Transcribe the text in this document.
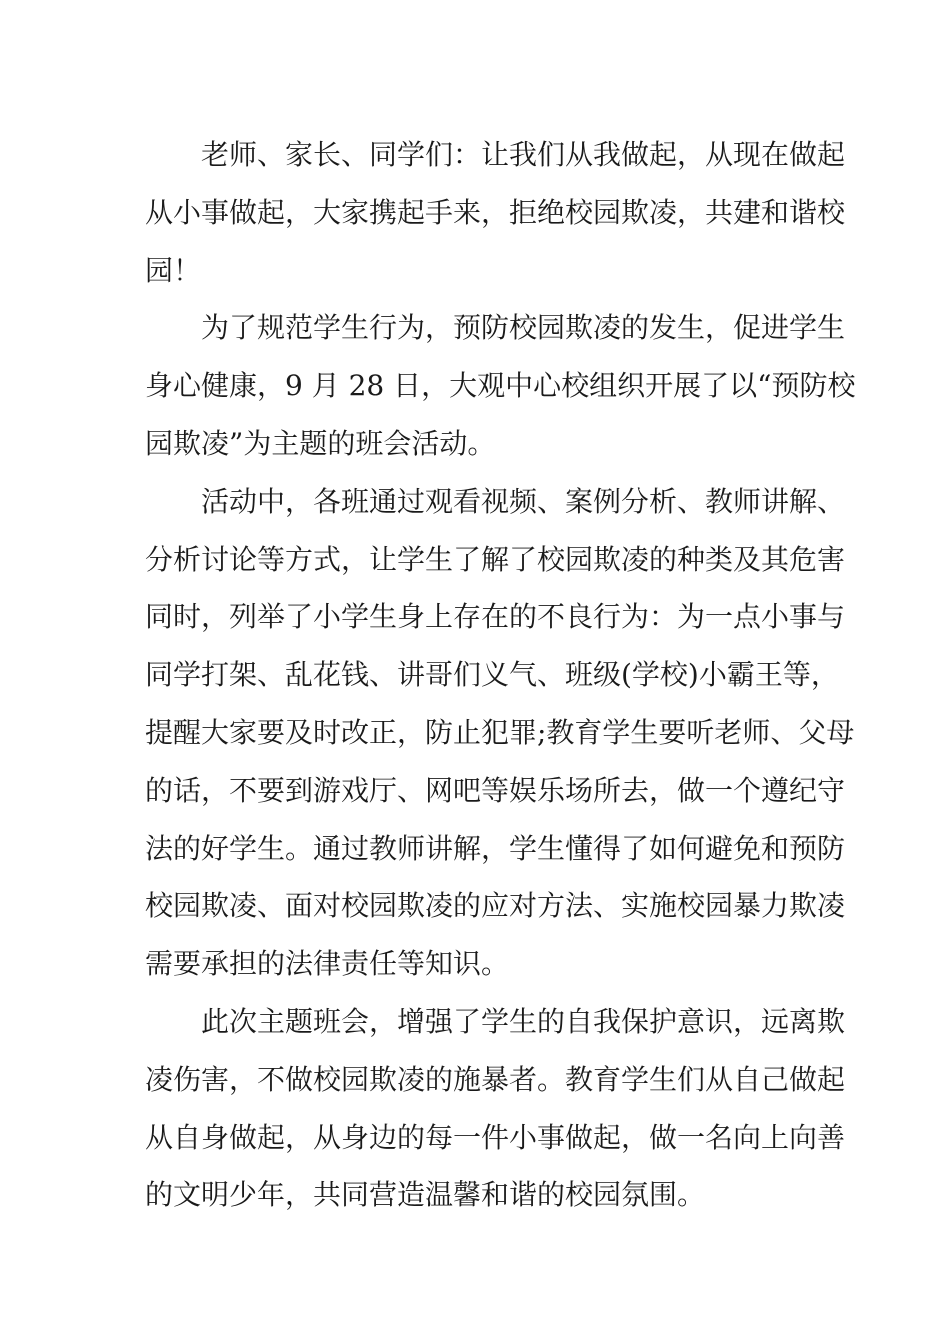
老师、家长、同学们：让我们从我做起，从现在做起
从小事做起，大家携起手来，拒绝校园欺凌，共建和谐校
园！
为了规范学生行为，预防校园欺凌的发生，促进学生
身心健康，9 月 28 日，大观中心校组织开展了以“预防校
园欺凌”为主题的班会活动。
活动中，各班通过观看视频、案例分析、教师讲解、
分析讨论等方式，让学生了解了校园欺凌的种类及其危害
同时，列举了小学生身上存在的不良行为：为一点小事与
同学打架、乱花钱、讲哥们义气、班级(学校)小霸王等，
提醒大家要及时改正，防止犯罪;教育学生要听老师、父母
的话，不要到游戏厅、网吧等娱乐场所去，做一个遵纪守
法的好学生。通过教师讲解，学生懂得了如何避免和预防
校园欺凌、面对校园欺凌的应对方法、实施校园暴力欺凌
需要承担的法律责任等知识。
此次主题班会，增强了学生的自我保护意识，远离欺
凌伤害，不做校园欺凌的施暴者。教育学生们从自己做起
从自身做起，从身边的每一件小事做起，做一名向上向善
的文明少年，共同营造温馨和谐的校园氛围。
